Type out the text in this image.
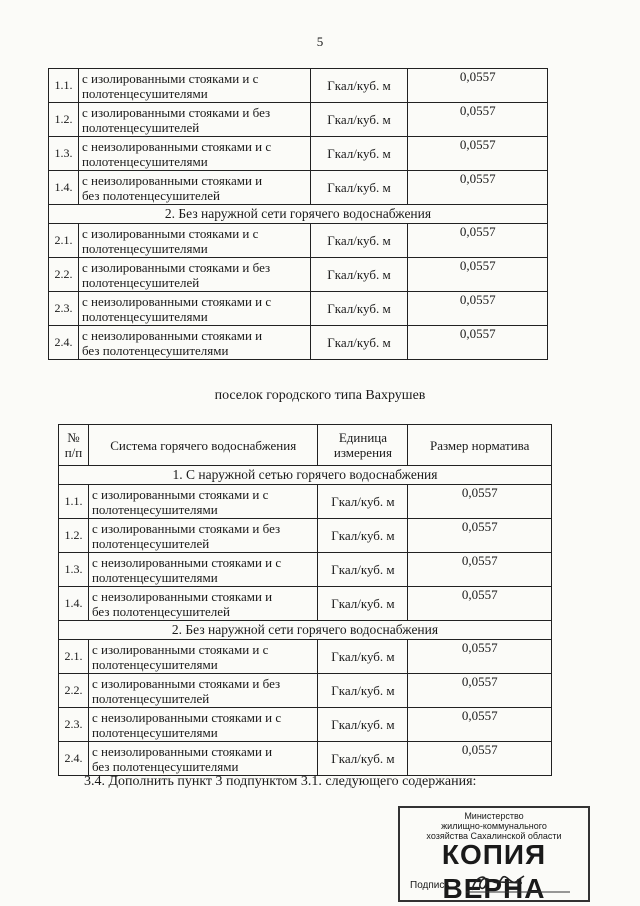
5
1.1.	с изолированными стояками и с
полотенцесушителями	Гкал/куб. м	0,0557
1.2.	с изолированными стояками и без
полотенцесушителей	Гкал/куб. м	0,0557
1.3.	с неизолированными стояками и с
полотенцесушителями	Гкал/куб. м	0,0557
1.4.	с неизолированными стояками и
без полотенцесушителей	Гкал/куб. м	0,0557
2. Без наружной сети горячего водоснабжения			
2.1.	с изолированными стояками и с
полотенцесушителями	Гкал/куб. м	0,0557
2.2.	с изолированными стояками и без
полотенцесушителей	Гкал/куб. м	0,0557
2.3.	с неизолированными стояками и с
полотенцесушителями	Гкал/куб. м	0,0557
2.4.	с неизолированными стояками и
без полотенцесушителями	Гкал/куб. м	0,0557
поселок городского типа Вахрушев
№ п/п	Система горячего водоснабжения	Единица измерения	Размер норматива
1. С наружной сетью горячего водоснабжения			
1.1.	с изолированными стояками и с
полотенцесушителями	Гкал/куб. м	0,0557
1.2.	с изолированными стояками и без
полотенцесушителей	Гкал/куб. м	0,0557
1.3.	с неизолированными стояками и с
полотенцесушителями	Гкал/куб. м	0,0557
1.4.	с неизолированными стояками и
без полотенцесушителей	Гкал/куб. м	0,0557
2. Без наружной сети горячего водоснабжения			
2.1.	с изолированными стояками и с
полотенцесушителями	Гкал/куб. м	0,0557
2.2.	с изолированными стояками и без
полотенцесушителей	Гкал/куб. м	0,0557
2.3.	с неизолированными стояками и с
полотенцесушителями	Гкал/куб. м	0,0557
2.4.	с неизолированными стояками и
без полотенцесушителями	Гкал/куб. м	0,0557
3.4. Дополнить пункт 3 подпунктом 3.1. следующего содержания:
Министерство
жилищно-коммунального
хозяйства Сахалинской области
КОПИЯ ВЕРНА
Подпись
